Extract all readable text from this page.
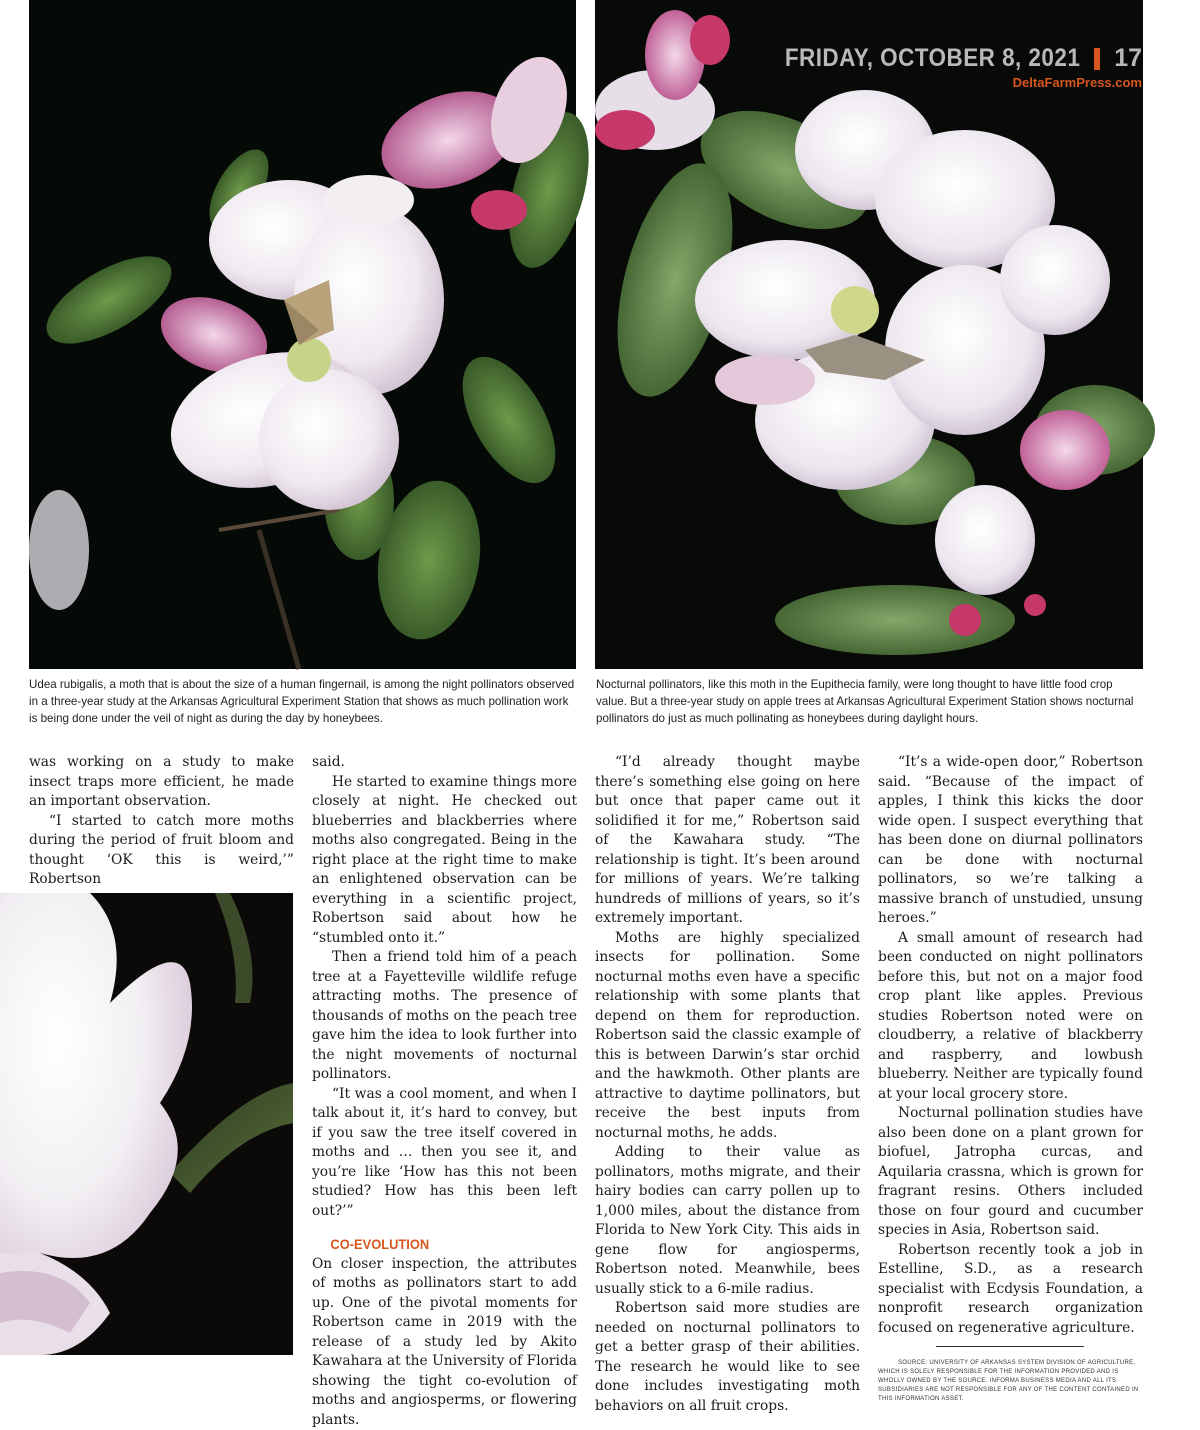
FRIDAY, OCTOBER 8, 2021 17
DeltaFarmPress.com

Udea rubigalis, a moth that is about the size of a human fingernail, is among the night pollinators observed in a three-year study at the Arkansas Agricultural Experiment Station that shows as much pollination work is being done under the veil of night as during the day by honeybees.

Nocturnal pollinators, like this moth in the Eupithecia family, were long thought to have little food crop value. But a three-year study on apple trees at Arkansas Agricultural Experiment Station shows nocturnal pollinators do just as much pollinating as honeybees during daylight hours.

was working on a study to make insect traps more efficient, he made an important observation.

“I started to catch more moths during the period of fruit bloom and thought ‘OK this is weird,’” Robertson

said.

He started to examine things more closely at night. He checked out blueberries and blackberries where moths also congregated. Being in the right place at the right time to make an enlightened observation can be everything in a scientific project, Robertson said about how he “stumbled onto it.”

Then a friend told him of a peach tree at a Fayetteville wildlife refuge attracting moths. The presence of thousands of moths on the peach tree gave him the idea to look further into the night movements of nocturnal pollinators.

“It was a cool moment, and when I talk about it, it’s hard to convey, but if you saw the tree itself covered in moths and … then you see it, and you’re like ‘How has this not been studied? How has this been left out?’”

CO-EVOLUTION

On closer inspection, the attributes of moths as pollinators start to add up. One of the pivotal moments for Robertson came in 2019 with the release of a study led by Akito Kawahara at the University of Florida showing the tight co-evolution of moths and angiosperms, or flowering plants.

“I’d already thought maybe there’s something else going on here but once that paper came out it solidified it for me,” Robertson said of the Kawahara study. “The relationship is tight. It’s been around for millions of years. We’re talking hundreds of millions of years, so it’s extremely important.

Moths are highly specialized insects for pollination. Some nocturnal moths even have a specific relationship with some plants that depend on them for reproduction. Robertson said the classic example of this is between Darwin’s star orchid and the hawkmoth. Other plants are attractive to daytime pollinators, but receive the best inputs from nocturnal moths, he adds.

Adding to their value as pollinators, moths migrate, and their hairy bodies can carry pollen up to 1,000 miles, about the distance from Florida to New York City. This aids in gene flow for angiosperms, Robertson noted. Meanwhile, bees usually stick to a 6-mile radius.

Robertson said more studies are needed on nocturnal pollinators to get a better grasp of their abilities. The research he would like to see done includes investigating moth behaviors on all fruit crops.

“It’s a wide-open door,” Robertson said. “Because of the impact of apples, I think this kicks the door wide open. I suspect everything that has been done on diurnal pollinators can be done with nocturnal pollinators, so we’re talking a massive branch of unstudied, unsung heroes.”

A small amount of research had been conducted on night pollinators before this, but not on a major food crop plant like apples. Previous studies Robertson noted were on cloudberry, a relative of blackberry and raspberry, and lowbush blueberry. Neither are typically found at your local grocery store.

Nocturnal pollination studies have also been done on a plant grown for biofuel, Jatropha curcas, and Aquilaria crassna, which is grown for fragrant resins. Others included those on four gourd and cucumber species in Asia, Robertson said.

Robertson recently took a job in Estelline, S.D., as a research specialist with Ecdysis Foundation, a nonprofit research organization focused on regenerative agriculture.

SOURCE: UNIVERSITY OF ARKANSAS SYSTEM DIVISION OF AGRICULTURE, WHICH IS SOLELY RESPONSIBLE FOR THE INFORMATION PROVIDED AND IS WHOLLY OWNED BY THE SOURCE. INFORMA BUSINESS MEDIA AND ALL ITS SUBSIDIARIES ARE NOT RESPONSIBLE FOR ANY OF THE CONTENT CONTAINED IN THIS INFORMATION ASSET.
